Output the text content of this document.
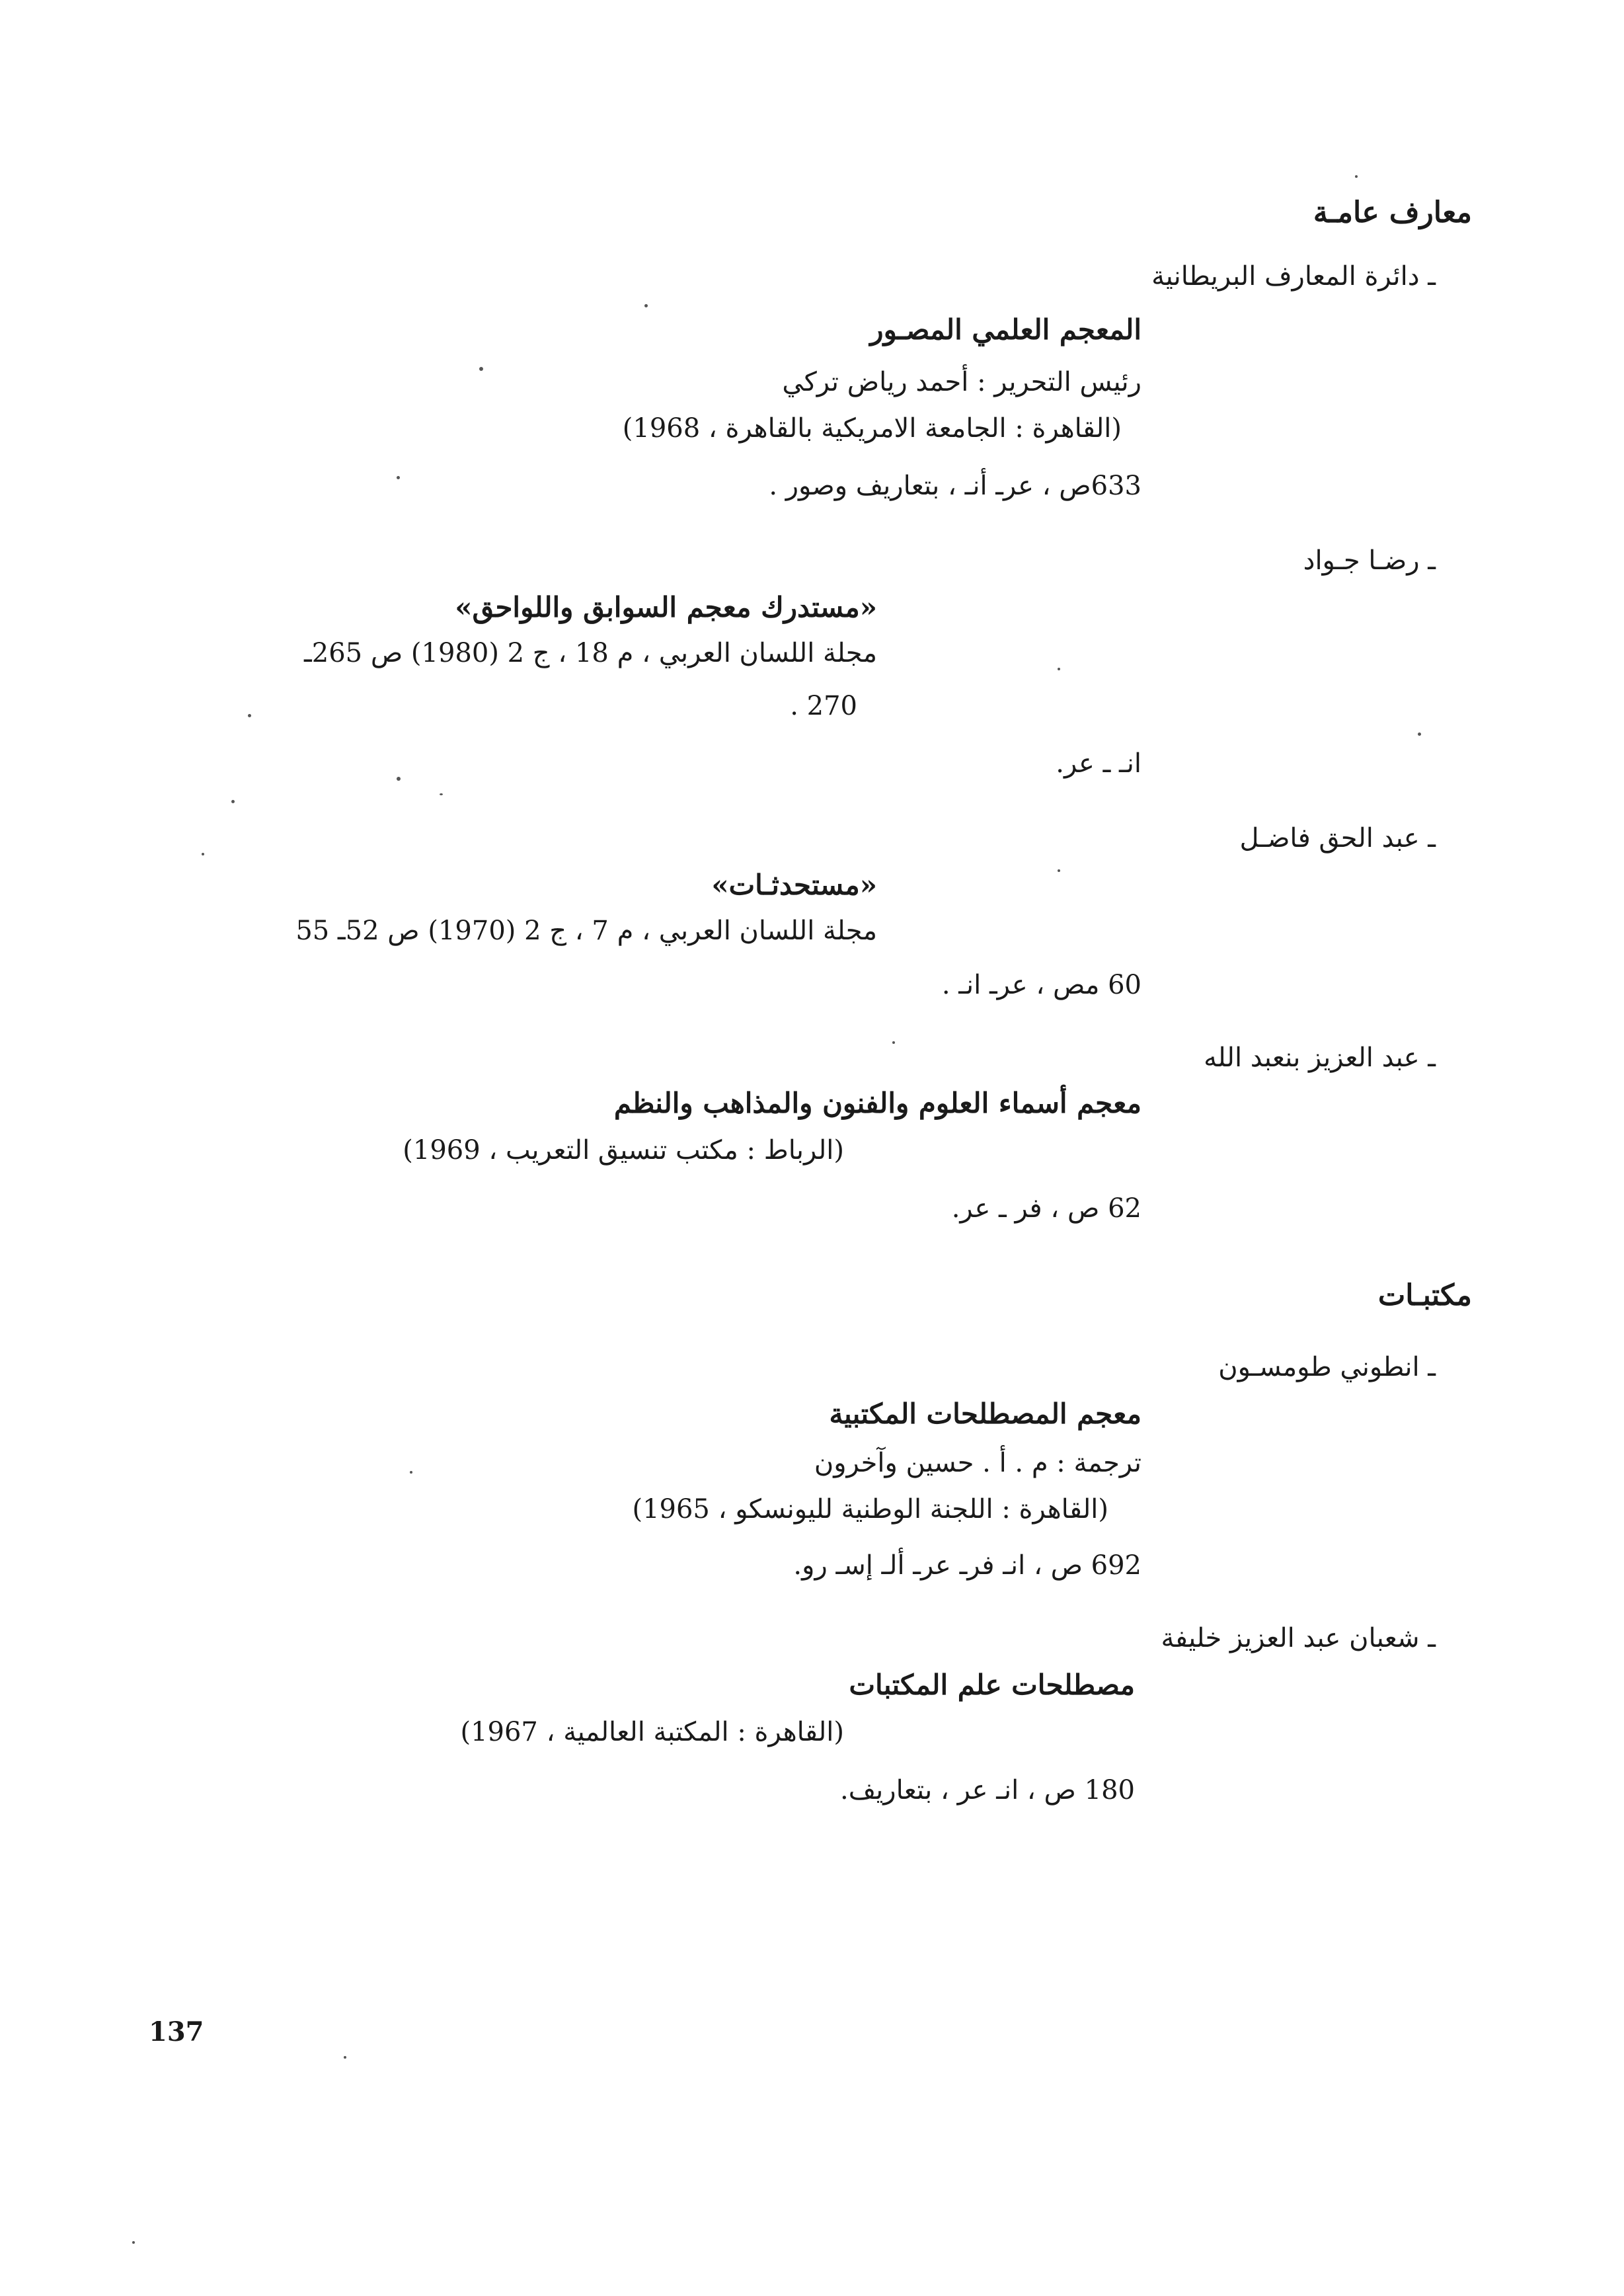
معارف عامـة
ـ دائرة المعارف البريطانية
المعجم العلمي المصـور
رئيس التحرير : أحمد رياض تركي
(القاهرة : الجامعة الامريكية بالقاهرة ، 1968)
633ص ، عرـ أنـ ، بتعاريف وصور .
ـ رضـا جـواد
«مستدرك معجم السوابق واللواحق»
مجلة اللسان العربي ، م 18 ، ج 2 (1980) ص 265ـ
270 .
انـ ـ عر.
ـ عبد الحق فاضـل
«مستحدثـات»
مجلة اللسان العربي ، م 7 ، ج 2 (1970) ص 52ـ 55
60 مص ، عرـ انـ .
ـ عبد العزيز بنعبد الله
معجم أسماء العلوم والفنون والمذاهب والنظم
(الرباط : مكتب تنسيق التعريب ، 1969)
62 ص ، فر ـ عر.
مكتبـات
ـ انطوني طومسـون
معجم المصطلحات المكتبية
ترجمة : م . أ . حسين وآخرون
(القاهرة : اللجنة الوطنية لليونسكو ، 1965)
692 ص ، انـ فرـ عرـ ألـ إسـ رو.
ـ شعبان عبد العزيز خليفة
مصطلحات علم المكتبات
(القاهرة : المكتبة العالمية ، 1967)
180 ص ، انـ عر ، بتعاريف.
137
